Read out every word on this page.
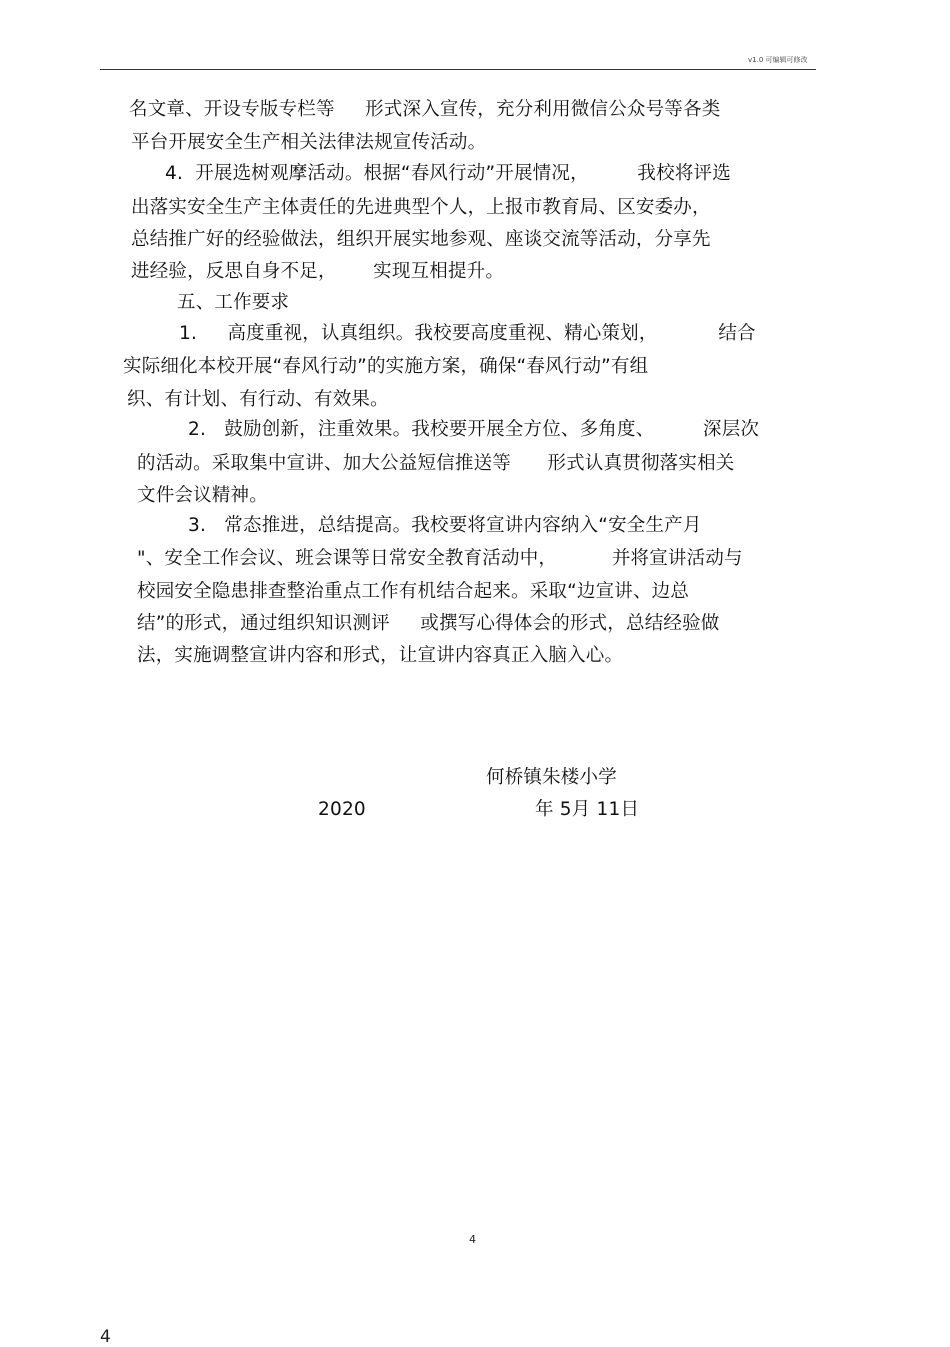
v1.0 可编辑可修改
名文章、开设专版专栏等     形式深入宣传，充分利用微信公众号等各类
平台开展安全生产相关法律法规宣传活动。
4.  开展选树观摩活动。根据“春风行动”开展情况，        我校将评选
出落实安全生产主体责任的先进典型个人，上报市教育局、区安委办，
总结推广好的经验做法，组织开展实地参观、座谈交流等活动，分享先
进经验，反思自身不足，      实现互相提升。
五、工作要求
1.     高度重视，认真组织。我校要高度重视、精心策划，          结合
实际细化本校开展“春风行动”的实施方案，确保“春风行动”有组
织、有计划、有行动、有效果。
2.   鼓励创新，注重效果。我校要开展全方位、多角度、        深层次
的活动。采取集中宣讲、加大公益短信推送等      形式认真贯彻落实相关
文件会议精神。
3.   常态推进，总结提高。我校要将宣讲内容纳入“安全生产月
"、安全工作会议、班会课等日常安全教育活动中，         并将宣讲活动与
校园安全隐患排查整治重点工作有机结合起来。采取“边宣讲、边总
结”的形式，通过组织知识测评     或撰写心得体会的形式，总结经验做
法，实施调整宣讲内容和形式，让宣讲内容真正入脑入心。
何桥镇朱楼小学
2020	年 5月 11日
4
4
